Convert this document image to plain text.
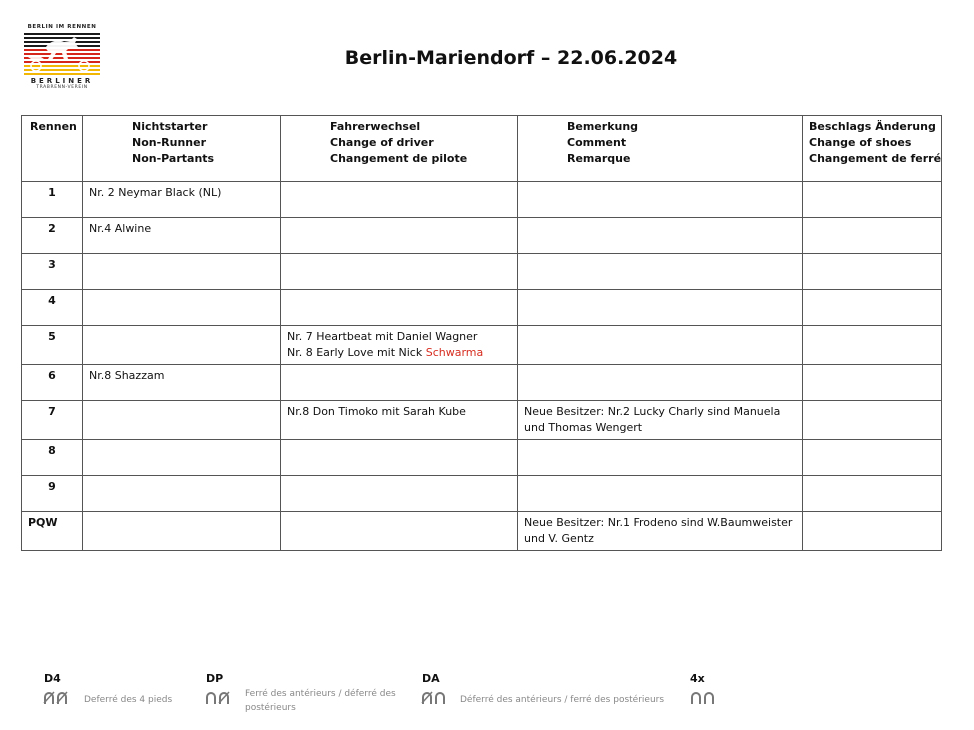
BERLIN IM RENNEN
BERLINER
TRABRENN-VEREIN
Berlin-Mariendorf – 22.06.2024
Rennen	Nichtstarter
Non-Runner
Non-Partants	Fahrerwechsel
Change of driver
Changement de pilote	Bemerkung
Comment
Remarque	Beschlags Änderung
Change of shoes
Changement de ferré

1	Nr. 2 Neymar Black (NL)			
2	Nr.4 Alwine			
3				
4				
5		Nr. 7 Heartbeat mit Daniel Wagner
Nr. 8 Early Love mit Nick Schwarma		

6	Nr.8 Shazzam			
7		Nr.8 Don Timoko mit Sarah Kube	Neue Besitzer: Nr.2 Lucky Charly sind Manuela
und Thomas Wengert	

8				
9				
PQW			Neue Besitzer: Nr.1 Frodeno sind W.Baumweister
und V. Gentz	

D4
Deferré des 4 pieds
DP
Ferré des antérieurs / déferré des
postérieurs
DA
Déferré des antérieurs / ferré des postérieurs
4x
